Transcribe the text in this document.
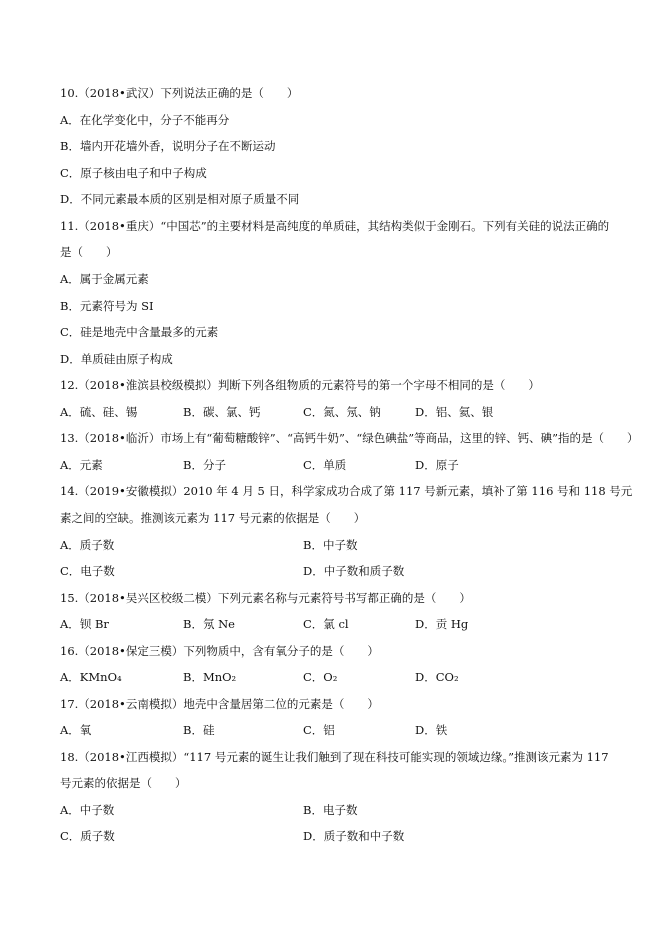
10.（2018•武汉）下列说法正确的是（　　）
A．在化学变化中，分子不能再分
B．墙内开花墙外香，说明分子在不断运动
C．原子核由电子和中子构成
D．不同元素最本质的区别是相对原子质量不同
11.（2018•重庆）“中国芯”的主要材料是高纯度的单质硅，其结构类似于金刚石。下列有关硅的说法正确的
是（　　）
A．属于金属元素
B．元素符号为 SI
C．硅是地壳中含量最多的元素
D．单质硅由原子构成
12.（2018•淮滨县校级模拟）判断下列各组物质的元素符号的第一个字母不相同的是（　　）
A．硫、硅、锡	B．碳、氯、钙	C．氮、氖、钠	D．铝、氦、银
13.（2018•临沂）市场上有“葡萄糖酸锌”、“高钙牛奶”、“绿色碘盐”等商品，这里的锌、钙、碘”指的是（　　）
A．元素	B．分子	C．单质	D．原子
14.（2019•安徽模拟）2010 年 4 月 5 日，科学家成功合成了第 117 号新元素，填补了第 116 号和 118 号元
素之间的空缺。推测该元素为 117 号元素的依据是（　　）
A．质子数	B．中子数
C．电子数	D．中子数和质子数
15.（2018•吴兴区校级二模）下列元素名称与元素符号书写都正确的是（　　）
A．钡 Br	B．氖 Ne	C．氯 cl	D．贡 Hg
16.（2018•保定三模）下列物质中，含有氧分子的是（　　）
A．KMnO₄	B．MnO₂	C．O₂	D．CO₂
17.（2018•云南模拟）地壳中含量居第二位的元素是（　　）
A．氧	B．硅	C．铝	D．铁
18.（2018•江西模拟）“117 号元素的诞生让我们触到了现在科技可能实现的领域边缘。”推测该元素为 117
号元素的依据是（　　）
A．中子数	B．电子数
C．质子数	D．质子数和中子数
